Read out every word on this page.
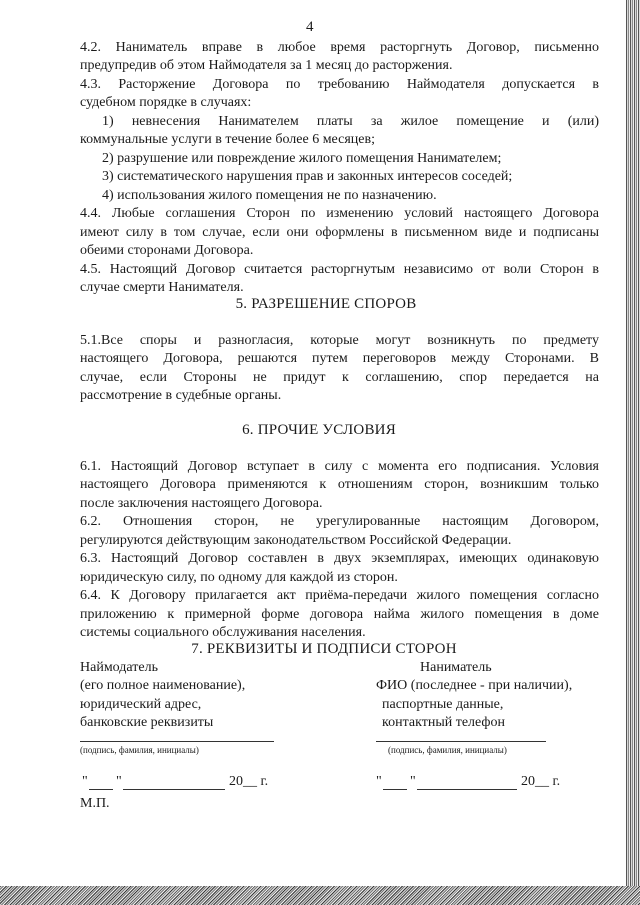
4
4.2. Наниматель вправе в любое время расторгнуть Договор, письменно
предупредив об этом Наймодателя за 1 месяц до расторжения.
4.3. Расторжение Договора по требованию Наймодателя допускается в
судебном порядке в случаях:
1) невнесения Нанимателем платы за жилое помещение и (или)
коммунальные услуги в течение более 6 месяцев;
2) разрушение или повреждение жилого помещения Нанимателем;
3) систематического нарушения прав и законных интересов соседей;
4) использования жилого помещения не по назначению.
4.4. Любые соглашения Сторон по изменению условий настоящего Договора
имеют силу в том случае, если они оформлены в письменном виде и подписаны
обеими сторонами Договора.
4.5. Настоящий Договор считается расторгнутым независимо от воли Сторон в
случае смерти Нанимателя.
5. РАЗРЕШЕНИЕ СПОРОВ
5.1.Все споры и разногласия, которые могут возникнуть по предмету
настоящего Договора, решаются путем переговоров между Сторонами. В
случае, если Стороны не придут к соглашению, спор передается на
рассмотрение в судебные органы.
6. ПРОЧИЕ УСЛОВИЯ
6.1. Настоящий Договор вступает в силу с момента его подписания. Условия
настоящего Договора применяются к отношениям сторон, возникшим только
после заключения настоящего Договора.
6.2. Отношения сторон, не урегулированные настоящим Договором,
регулируются действующим законодательством Российской Федерации.
6.3. Настоящий Договор составлен в двух экземплярах, имеющих одинаковую
юридическую силу, по одному для каждой из сторон.
6.4. К Договору прилагается акт приёма-передачи жилого помещения согласно
приложению к примерной форме договора найма жилого помещения в доме
системы социального обслуживания населения.
7. РЕКВИЗИТЫ И ПОДПИСИ СТОРОН
Наймодатель
(его полное наименование),
юридический адрес,
банковские реквизиты
(подпись, фамилия, инициалы)
" "	20__ г.
М.П.
Наниматель
ФИО (последнее - при наличии),
паспортные данные,
контактный телефон
(подпись, фамилия, инициалы)
" "	20__ г.
